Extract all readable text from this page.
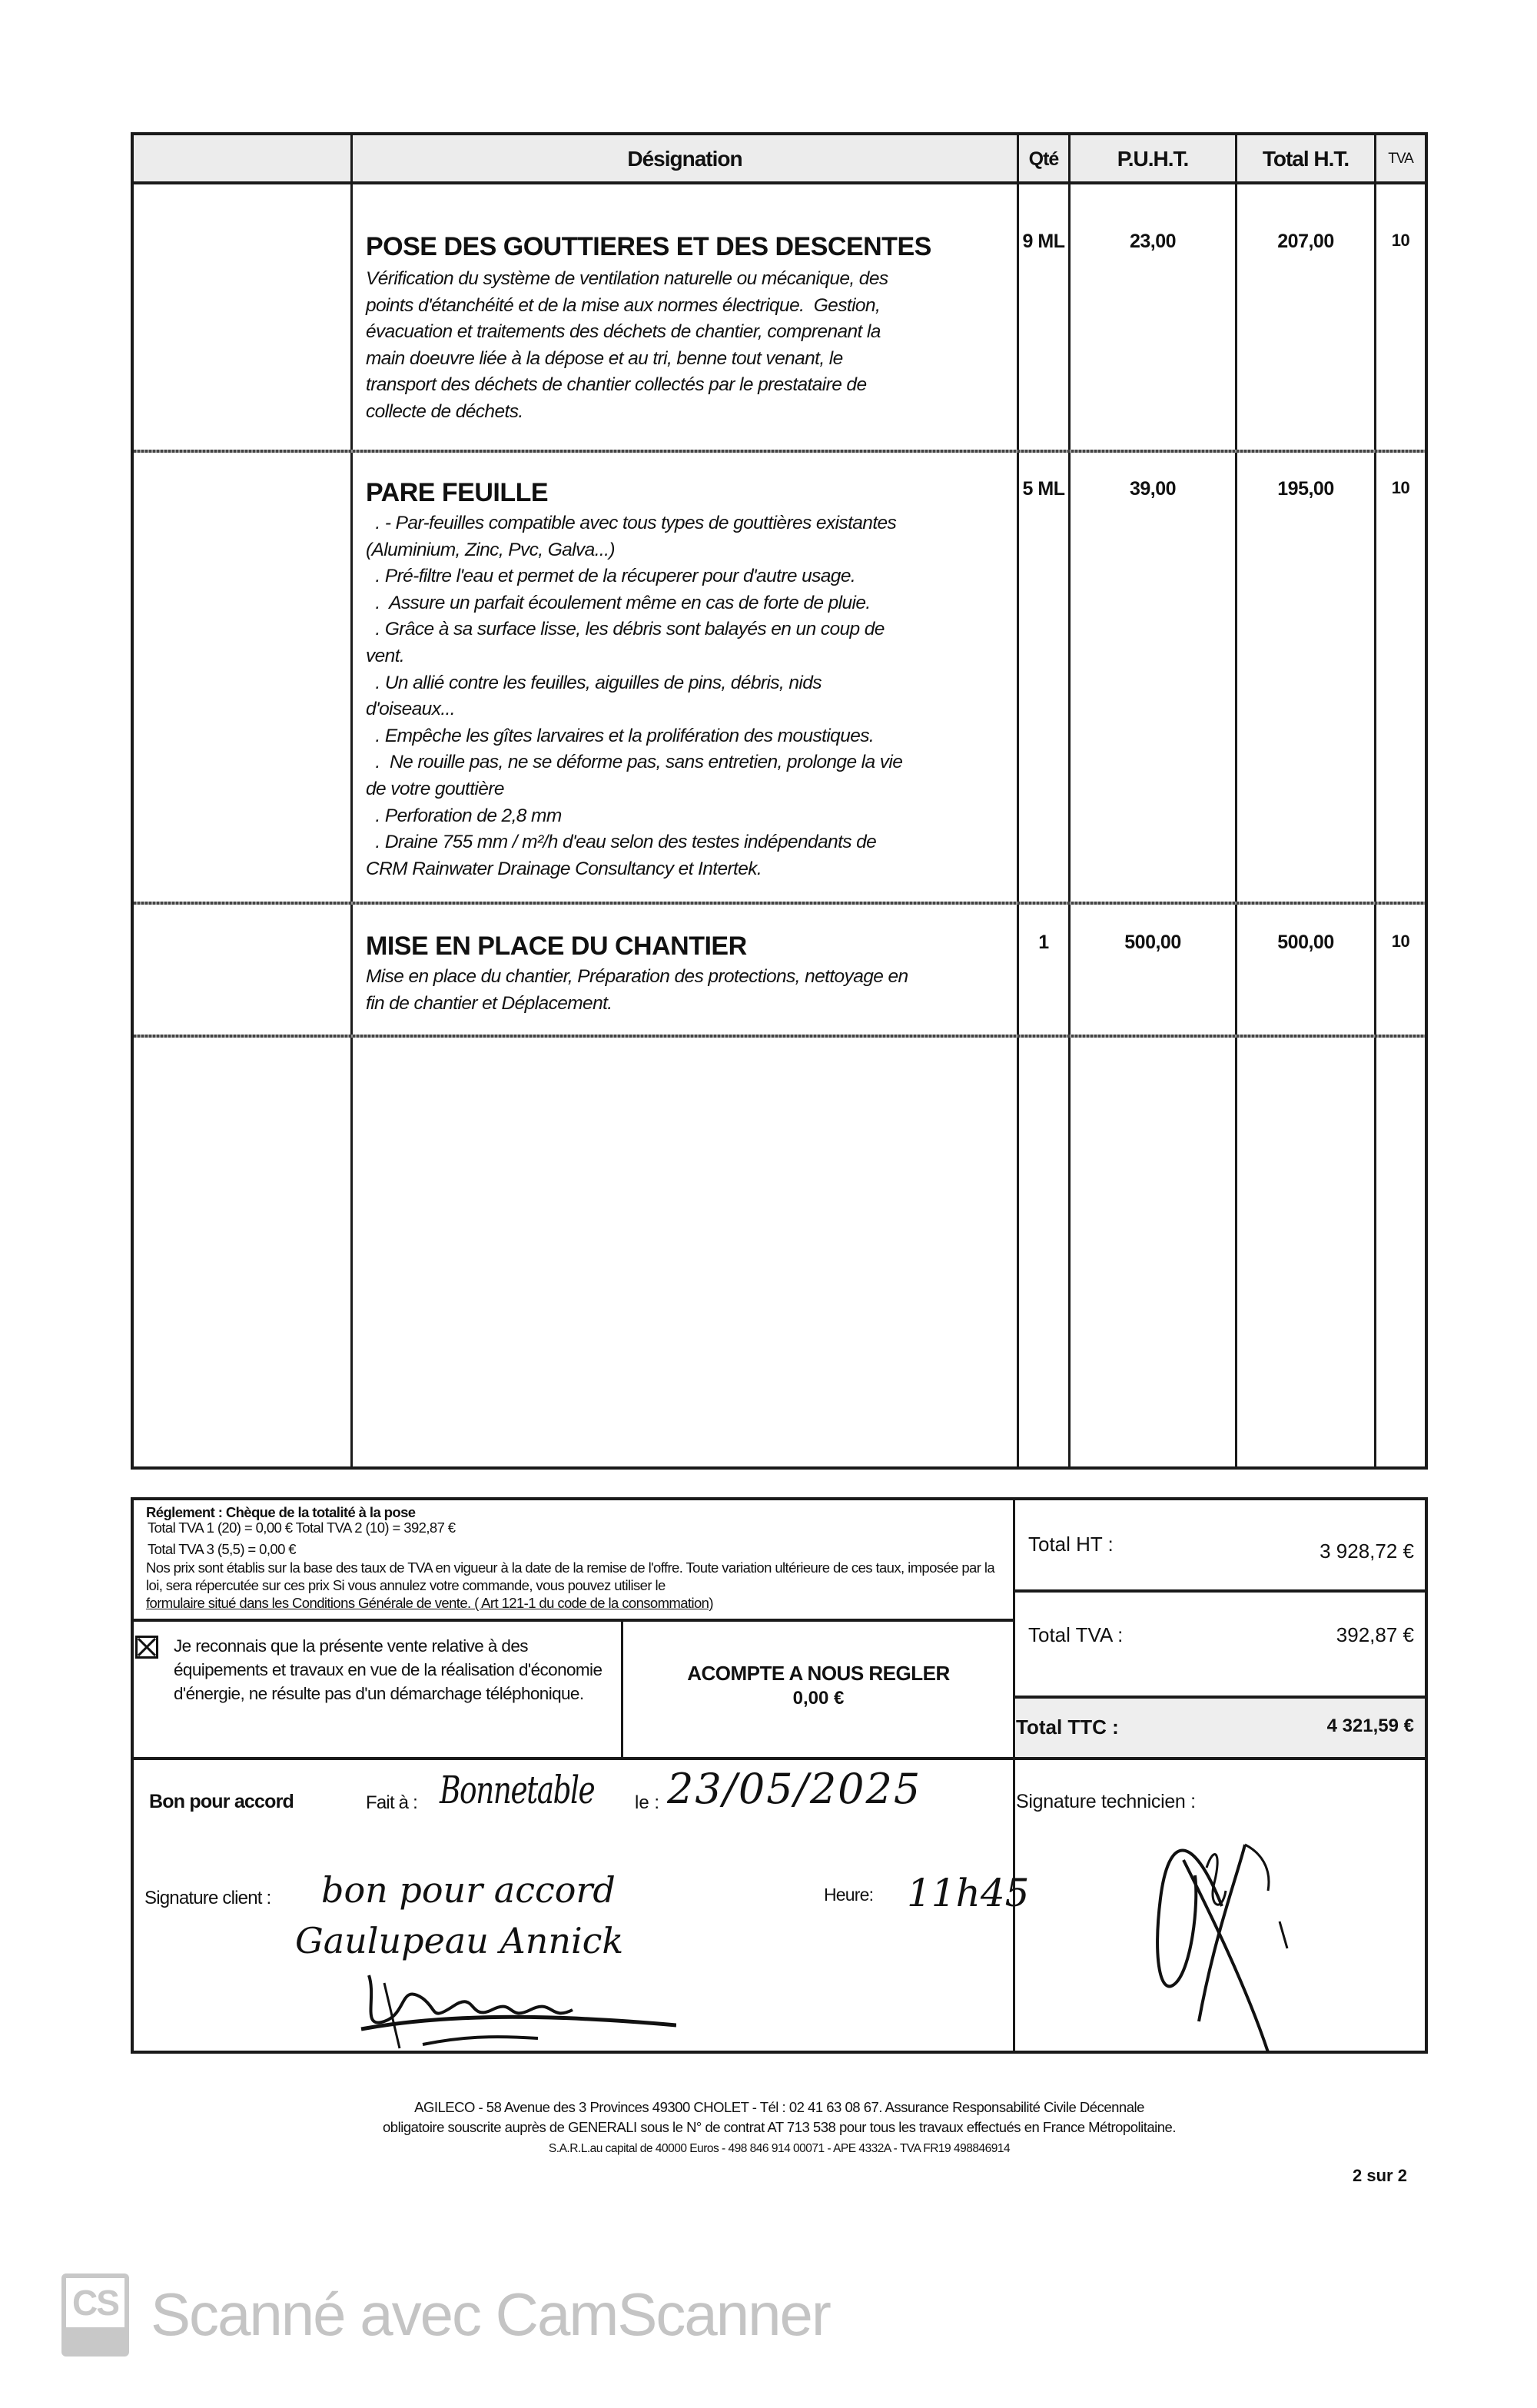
Désignation	Qté	P.U.H.T.	Total H.T.	TVA
POSE DES GOUTTIERES ET DES DESCENTES
Vérification du système de ventilation naturelle ou mécanique, des
points d'étanchéité et de la mise aux normes électrique.  Gestion,
évacuation et traitements des déchets de chantier, comprenant la
main doeuvre liée à la dépose et au tri, benne tout venant, le
transport des déchets de chantier collectés par le prestataire de
collecte de déchets.
9 ML	23,00	207,00	10
PARE FEUILLE
. - Par-feuilles compatible avec tous types de gouttières existantes
(Aluminium, Zinc, Pvc, Galva...)
. Pré-filtre l'eau et permet de la récuperer pour d'autre usage.
.  Assure un parfait écoulement même en cas de forte de pluie.
. Grâce à sa surface lisse, les débris sont balayés en un coup de
vent.
. Un allié contre les feuilles, aiguilles de pins, débris, nids
d'oiseaux...
. Empêche les gîtes larvaires et la prolifération des moustiques.
.  Ne rouille pas, ne se déforme pas, sans entretien, prolonge la vie
de votre gouttière
. Perforation de 2,8 mm
. Draine 755 mm / m²/h d'eau selon des testes indépendants de
CRM Rainwater Drainage Consultancy et Intertek.
5 ML	39,00	195,00	10
MISE EN PLACE DU CHANTIER
Mise en place du chantier, Préparation des protections, nettoyage en
fin de chantier et Déplacement.
1	500,00	500,00	10
Réglement : Chèque de la totalité à la pose
Total TVA 1 (20) = 0,00 € Total TVA 2 (10) = 392,87 €
Total TVA 3 (5,5) = 0,00 €
Nos prix sont établis sur la base des taux de TVA en vigueur à la date de la remise de l'offre. Toute variation ultérieure de ces taux, imposée par la loi, sera répercutée sur ces prix Si vous annulez votre commande, vous pouvez utiliser le
formulaire situé dans les Conditions Générale de vente. ( Art 121-1 du code de la consommation)
Je reconnais que la présente vente relative à des équipements et travaux en vue de la réalisation d'économie d'énergie, ne résulte pas d'un démarchage téléphonique.
ACOMPTE A NOUS REGLER
0,00 €
Total HT :	3 928,72 €
Total TVA :	392,87 €
Total TTC :	4 321,59 €
Bon pour accord	Fait à : Bonnetable le : 23/05/2025
Signature client : bon pour accord
Gaulupeau Annick
Heure: 11h45
Signature technicien :
AGILECO - 58 Avenue des 3 Provinces 49300 CHOLET - Tél : 02 41 63 08 67. Assurance Responsabilité Civile Décennale
obligatoire souscrite auprès de GENERALI sous le N° de contrat AT 713 538 pour tous les travaux effectués en France Métropolitaine.
S.A.R.L.au capital de 40000 Euros - 498 846 914 00071 - APE 4332A - TVA FR19 498846914
2 sur 2
CS Scanné avec CamScanner
